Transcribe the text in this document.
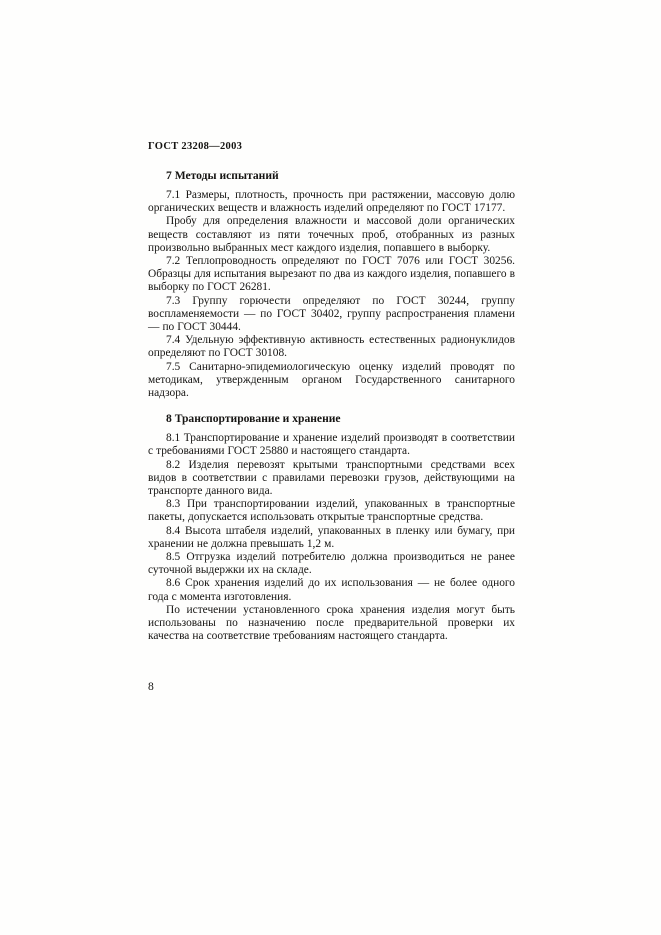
ГОСТ 23208—2003
7 Методы испытаний

7.1 Размеры, плотность, прочность при растяжении, массовую долю органических веществ и влажность изделий определяют по ГОСТ 17177.

Пробу для определения влажности и массовой доли органических веществ составляют из пяти точечных проб, отобранных из разных произвольно выбранных мест каждого изделия, попавшего в выборку.

7.2 Теплопроводность определяют по ГОСТ 7076 или ГОСТ 30256. Образцы для испытания вырезают по два из каждого изделия, попавшего в выборку по ГОСТ 26281.

7.3 Группу горючести определяют по ГОСТ 30244, группу воспламеняемости — по ГОСТ 30402, группу распространения пламени — по ГОСТ 30444.

7.4 Удельную эффективную активность естественных радионуклидов определяют по ГОСТ 30108.

7.5 Санитарно-эпидемиологическую оценку изделий проводят по методикам, утвержденным органом Государственного санитарного надзора.

8 Транспортирование и хранение

8.1 Транспортирование и хранение изделий производят в соответствии с требованиями ГОСТ 25880 и настоящего стандарта.

8.2 Изделия перевозят крытыми транспортными средствами всех видов в соответствии с правилами перевозки грузов, действующими на транспорте данного вида.

8.3 При транспортировании изделий, упакованных в транспортные пакеты, допускается использовать открытые транспортные средства.

8.4 Высота штабеля изделий, упакованных в пленку или бумагу, при хранении не должна превышать 1,2 м.

8.5 Отгрузка изделий потребителю должна производиться не ранее суточной выдержки их на складе.

8.6 Срок хранения изделий до их использования — не более одного года с момента изготовления.

По истечении установленного срока хранения изделия могут быть использованы по назначению после предварительной проверки их качества на соответствие требованиям настоящего стандарта.

8
